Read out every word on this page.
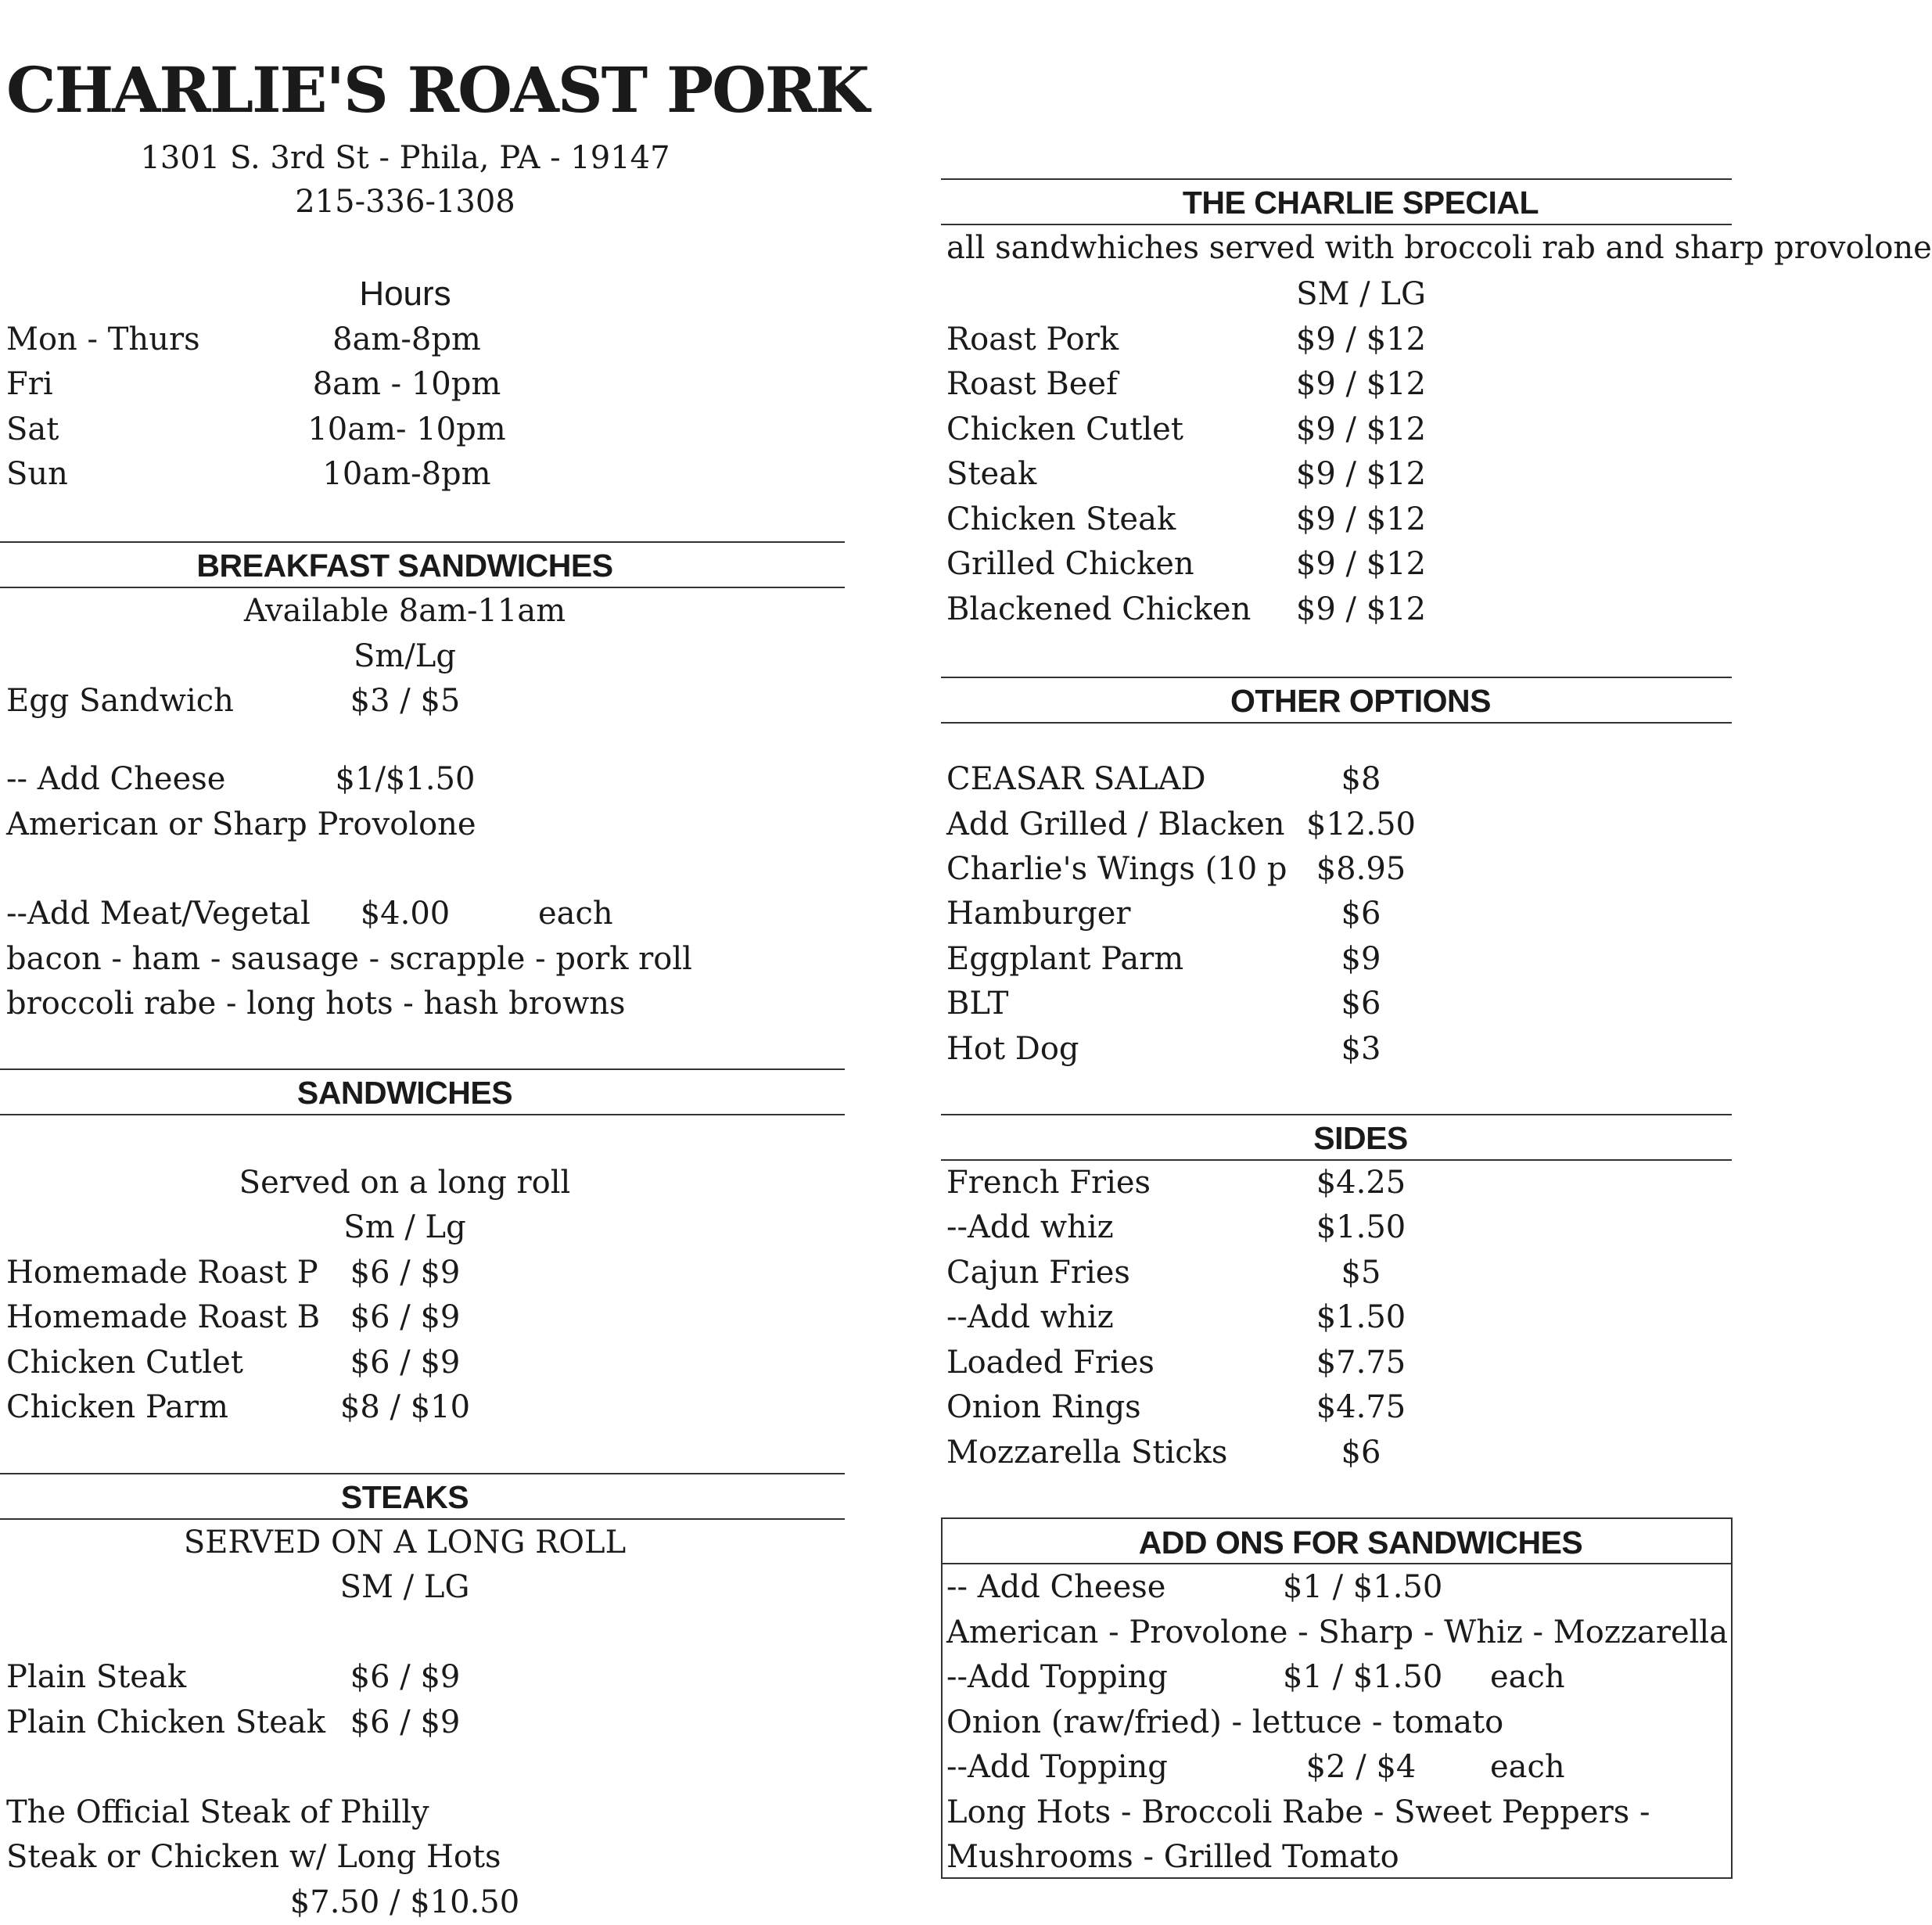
CHARLIE'S ROAST PORK
1301 S. 3rd St - Phila, PA - 19147
215-336-1308
Hours
Mon - Thurs	8am-8pm
Fri	8am - 10pm
Sat	10am- 10pm
Sun	10am-8pm
BREAKFAST SANDWICHES
Available 8am-11am
Sm/Lg
Egg Sandwich	$3 / $5
-- Add Cheese	$1/$1.50
American or Sharp Provolone
--Add Meat/Vegetal	$4.00	each
bacon - ham - sausage - scrapple - pork roll
broccoli rabe - long hots - hash browns
SANDWICHES
Served on a long roll
Sm / Lg
Homemade Roast P	$6 / $9
Homemade Roast B $6 / $9
Chicken Cutlet	$6 / $9
Chicken Parm	$8 / $10
STEAKS
SERVED ON A LONG ROLL
SM / LG
Plain Steak	$6 / $9
Plain Chicken Steak $6 / $9
The Official Steak of Philly
Steak or Chicken w/ Long Hots
$7.50 / $10.50
THE CHARLIE SPECIAL
all sandwhiches served with broccoli rab and sharp provolone
SM / LG
Roast Pork	$9 / $12
Roast Beef	$9 / $12
Chicken Cutlet	$9 / $12
Steak	$9 / $12
Chicken Steak	$9 / $12
Grilled Chicken	$9 / $12
Blackened Chicken	$9 / $12
OTHER OPTIONS
CEASAR SALAD	$8
Add Grilled / Blacken $12.50
Charlie's Wings (10 p $8.95
Hamburger	$6
Eggplant Parm	$9
BLT	$6
Hot Dog	$3
SIDES
French Fries	$4.25
--Add whiz	$1.50
Cajun Fries	$5
--Add whiz	$1.50
Loaded Fries	$7.75
Onion Rings	$4.75
Mozzarella Sticks	$6
ADD ONS FOR SANDWICHES
-- Add Cheese	$1 / $1.50
American - Provolone - Sharp - Whiz - Mozzarella
--Add Topping	$1 / $1.50 each
Onion (raw/fried) - lettuce - tomato
--Add Topping	$2 / $4	each
Long Hots - Broccoli Rabe - Sweet Peppers -
Mushrooms - Grilled Tomato
